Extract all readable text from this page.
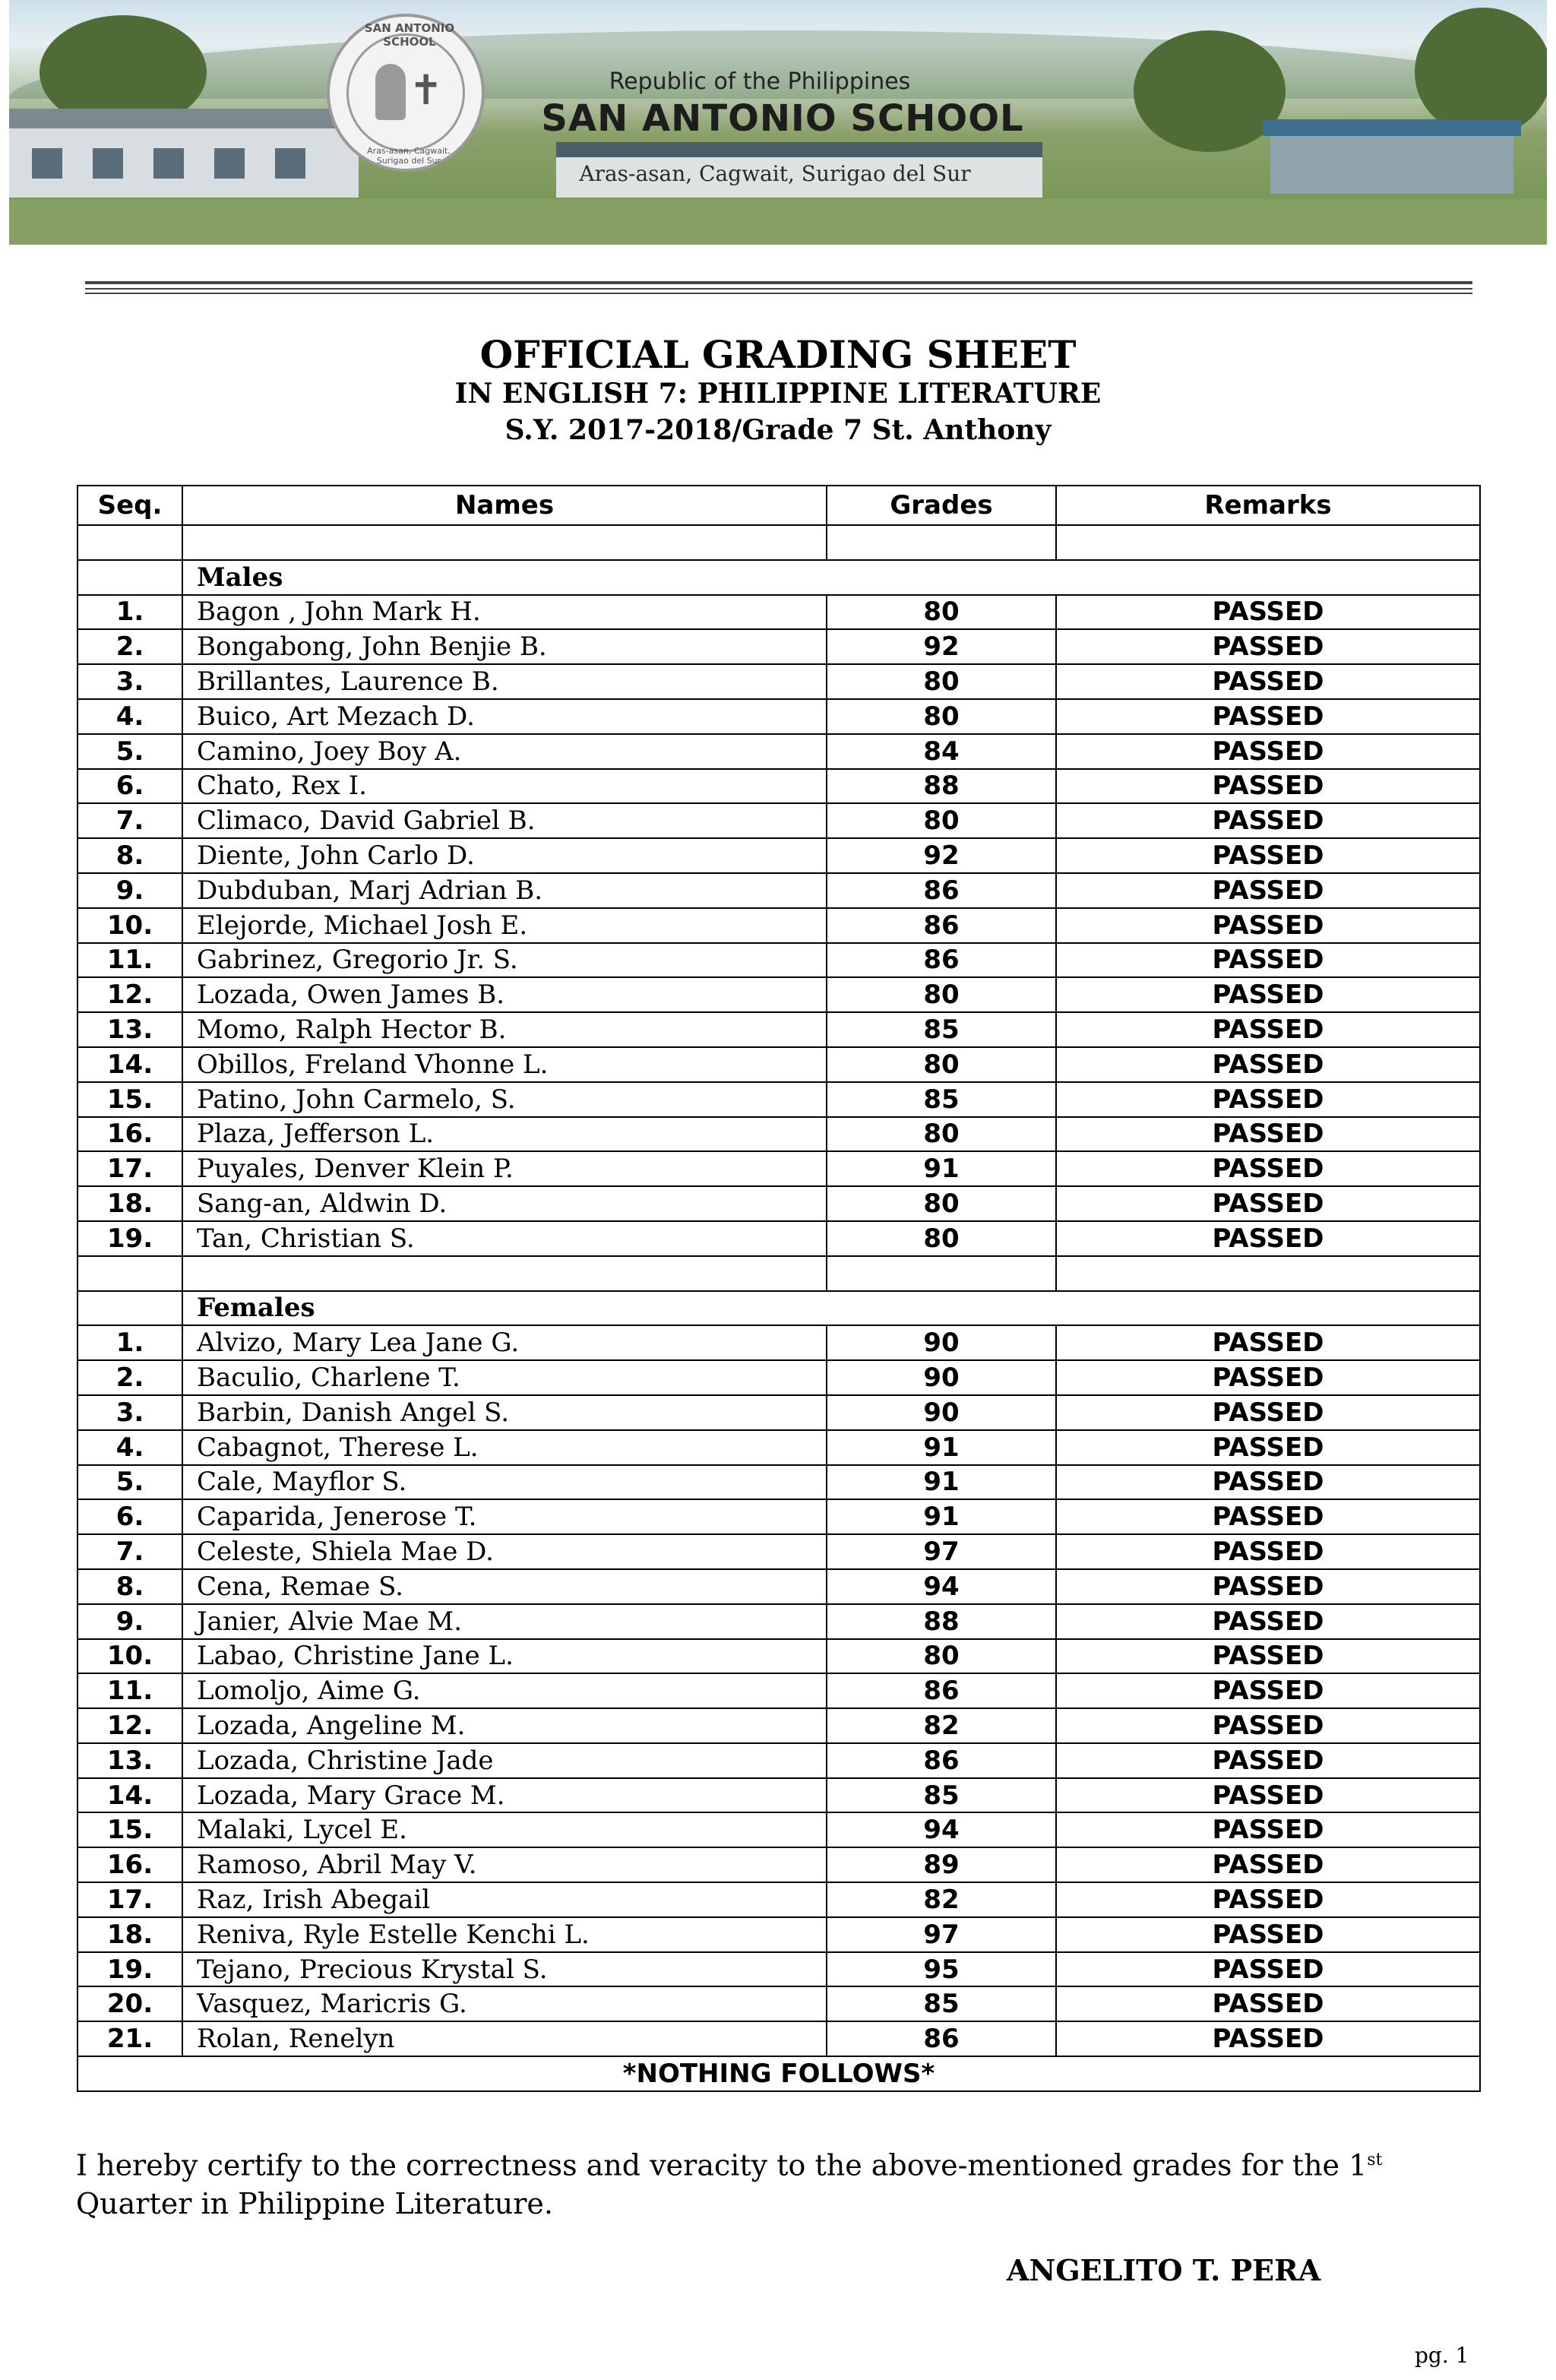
SAN ANTONIO SCHOOL
✝
Aras-asan, Cagwait, Surigao del Sur
Republic of the Philippines
SAN ANTONIO SCHOOL
Aras-asan, Cagwait, Surigao del Sur
OFFICIAL GRADING SHEET
IN ENGLISH 7: PHILIPPINE LITERATURE
S.Y. 2017-2018/Grade 7 St. Anthony
Seq.	Names	Grades	Remarks

	Males		
1.	Bagon , John Mark H.	80	PASSED
2.	Bongabong, John Benjie B.	92	PASSED
3.	Brillantes, Laurence B.	80	PASSED
4.	Buico, Art Mezach D.	80	PASSED
5.	Camino, Joey Boy A.	84	PASSED
6.	Chato, Rex I.	88	PASSED
7.	Climaco, David Gabriel B.	80	PASSED
8.	Diente, John Carlo D.	92	PASSED
9.	Dubduban, Marj Adrian B.	86	PASSED
10.	Elejorde, Michael Josh E.	86	PASSED
11.	Gabrinez, Gregorio Jr. S.	86	PASSED
12.	Lozada, Owen James B.	80	PASSED
13.	Momo, Ralph Hector B.	85	PASSED
14.	Obillos, Freland Vhonne L.	80	PASSED
15.	Patino, John Carmelo, S.	85	PASSED
16.	Plaza, Jefferson L.	80	PASSED
17.	Puyales, Denver Klein P.	91	PASSED
18.	Sang-an, Aldwin D.	80	PASSED
19.	Tan, Christian S.	80	PASSED

	Females		
1.	Alvizo, Mary Lea Jane G.	90	PASSED
2.	Baculio, Charlene T.	90	PASSED
3.	Barbin, Danish Angel S.	90	PASSED
4.	Cabagnot, Therese L.	91	PASSED
5.	Cale, Mayflor S.	91	PASSED
6.	Caparida, Jenerose T.	91	PASSED
7.	Celeste, Shiela Mae D.	97	PASSED
8.	Cena, Remae S.	94	PASSED
9.	Janier, Alvie Mae M.	88	PASSED
10.	Labao, Christine Jane L.	80	PASSED
11.	Lomoljo, Aime G.	86	PASSED
12.	Lozada, Angeline M.	82	PASSED
13.	Lozada, Christine Jade	86	PASSED
14.	Lozada, Mary Grace M.	85	PASSED
15.	Malaki, Lycel E.	94	PASSED
16.	Ramoso, Abril May V.	89	PASSED
17.	Raz, Irish Abegail	82	PASSED
18.	Reniva, Ryle Estelle Kenchi L.	97	PASSED
19.	Tejano, Precious Krystal S.	95	PASSED
20.	Vasquez, Maricris G.	85	PASSED
21.	Rolan, Renelyn	86	PASSED
*NOTHING FOLLOWS*			
I hereby certify to the correctness and veracity to the above-mentioned grades for the 1st
Quarter in Philippine Literature.
ANGELITO T. PERA
pg. 1
